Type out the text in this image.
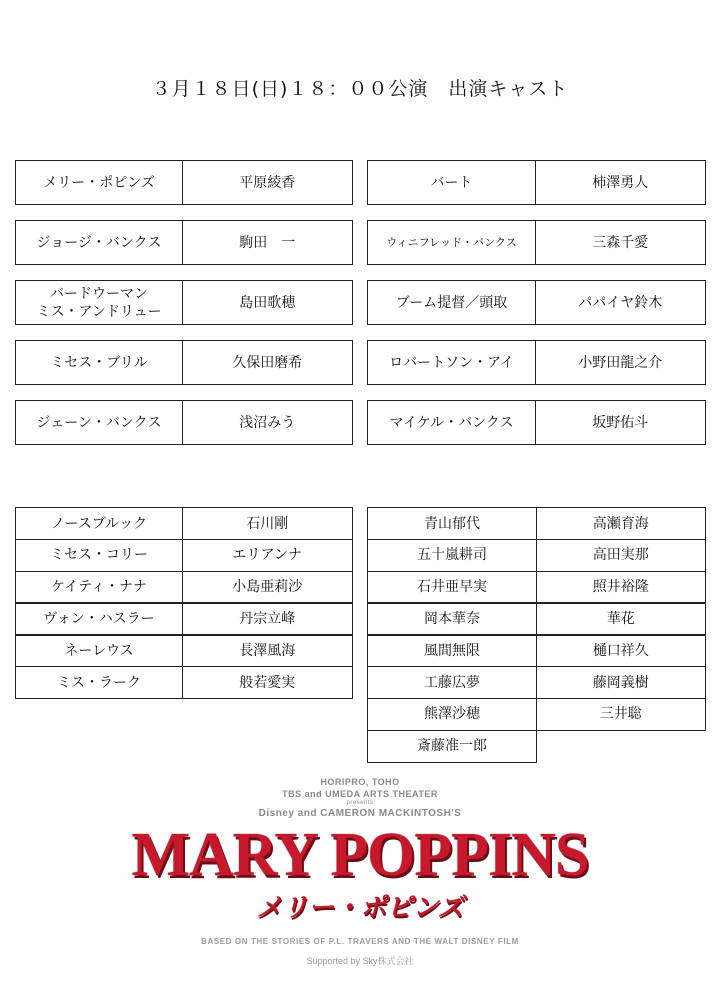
３月１８日(日)１８：００公演　出演キャスト
メリー・ポピンズ	平原綾香	バート	柿澤勇人
ジョージ・バンクス	駒田　一	ウィニフレッド・バンクス	三森千愛
バードウーマン
ミス・アンドリュー
島田歌穂	ブーム提督／頭取	パパイヤ鈴木
ミセス・ブリル	久保田磨希	ロバートソン・アイ	小野田龍之介
ジェーン・バンクス	浅沼みう	マイケル・バンクス	坂野佑斗
ノースブルック	石川剛
ミセス・コリー	エリアンナ
ケイティ・ナナ	小島亜莉沙
ヴォン・ハスラー	丹宗立峰
ネーレウス	長澤風海
ミス・ラーク	般若愛実
青山郁代	高瀬育海
五十嵐耕司	高田実那
石井亜早実	照井裕隆
岡本華奈	華花
風間無限	樋口祥久
工藤広夢	藤岡義樹
熊澤沙穂	三井聡
斎藤准一郎
HORIPRO, TOHO
TBS and UMEDA ARTS THEATER
presents
Disney and CAMERON MACKINTOSH'S
MARY POPPINS
メリー・ポピンズ
BASED ON THE STORIES OF P.L. TRAVERS AND THE WALT DISNEY FILM
Supported by Sky株式会社
